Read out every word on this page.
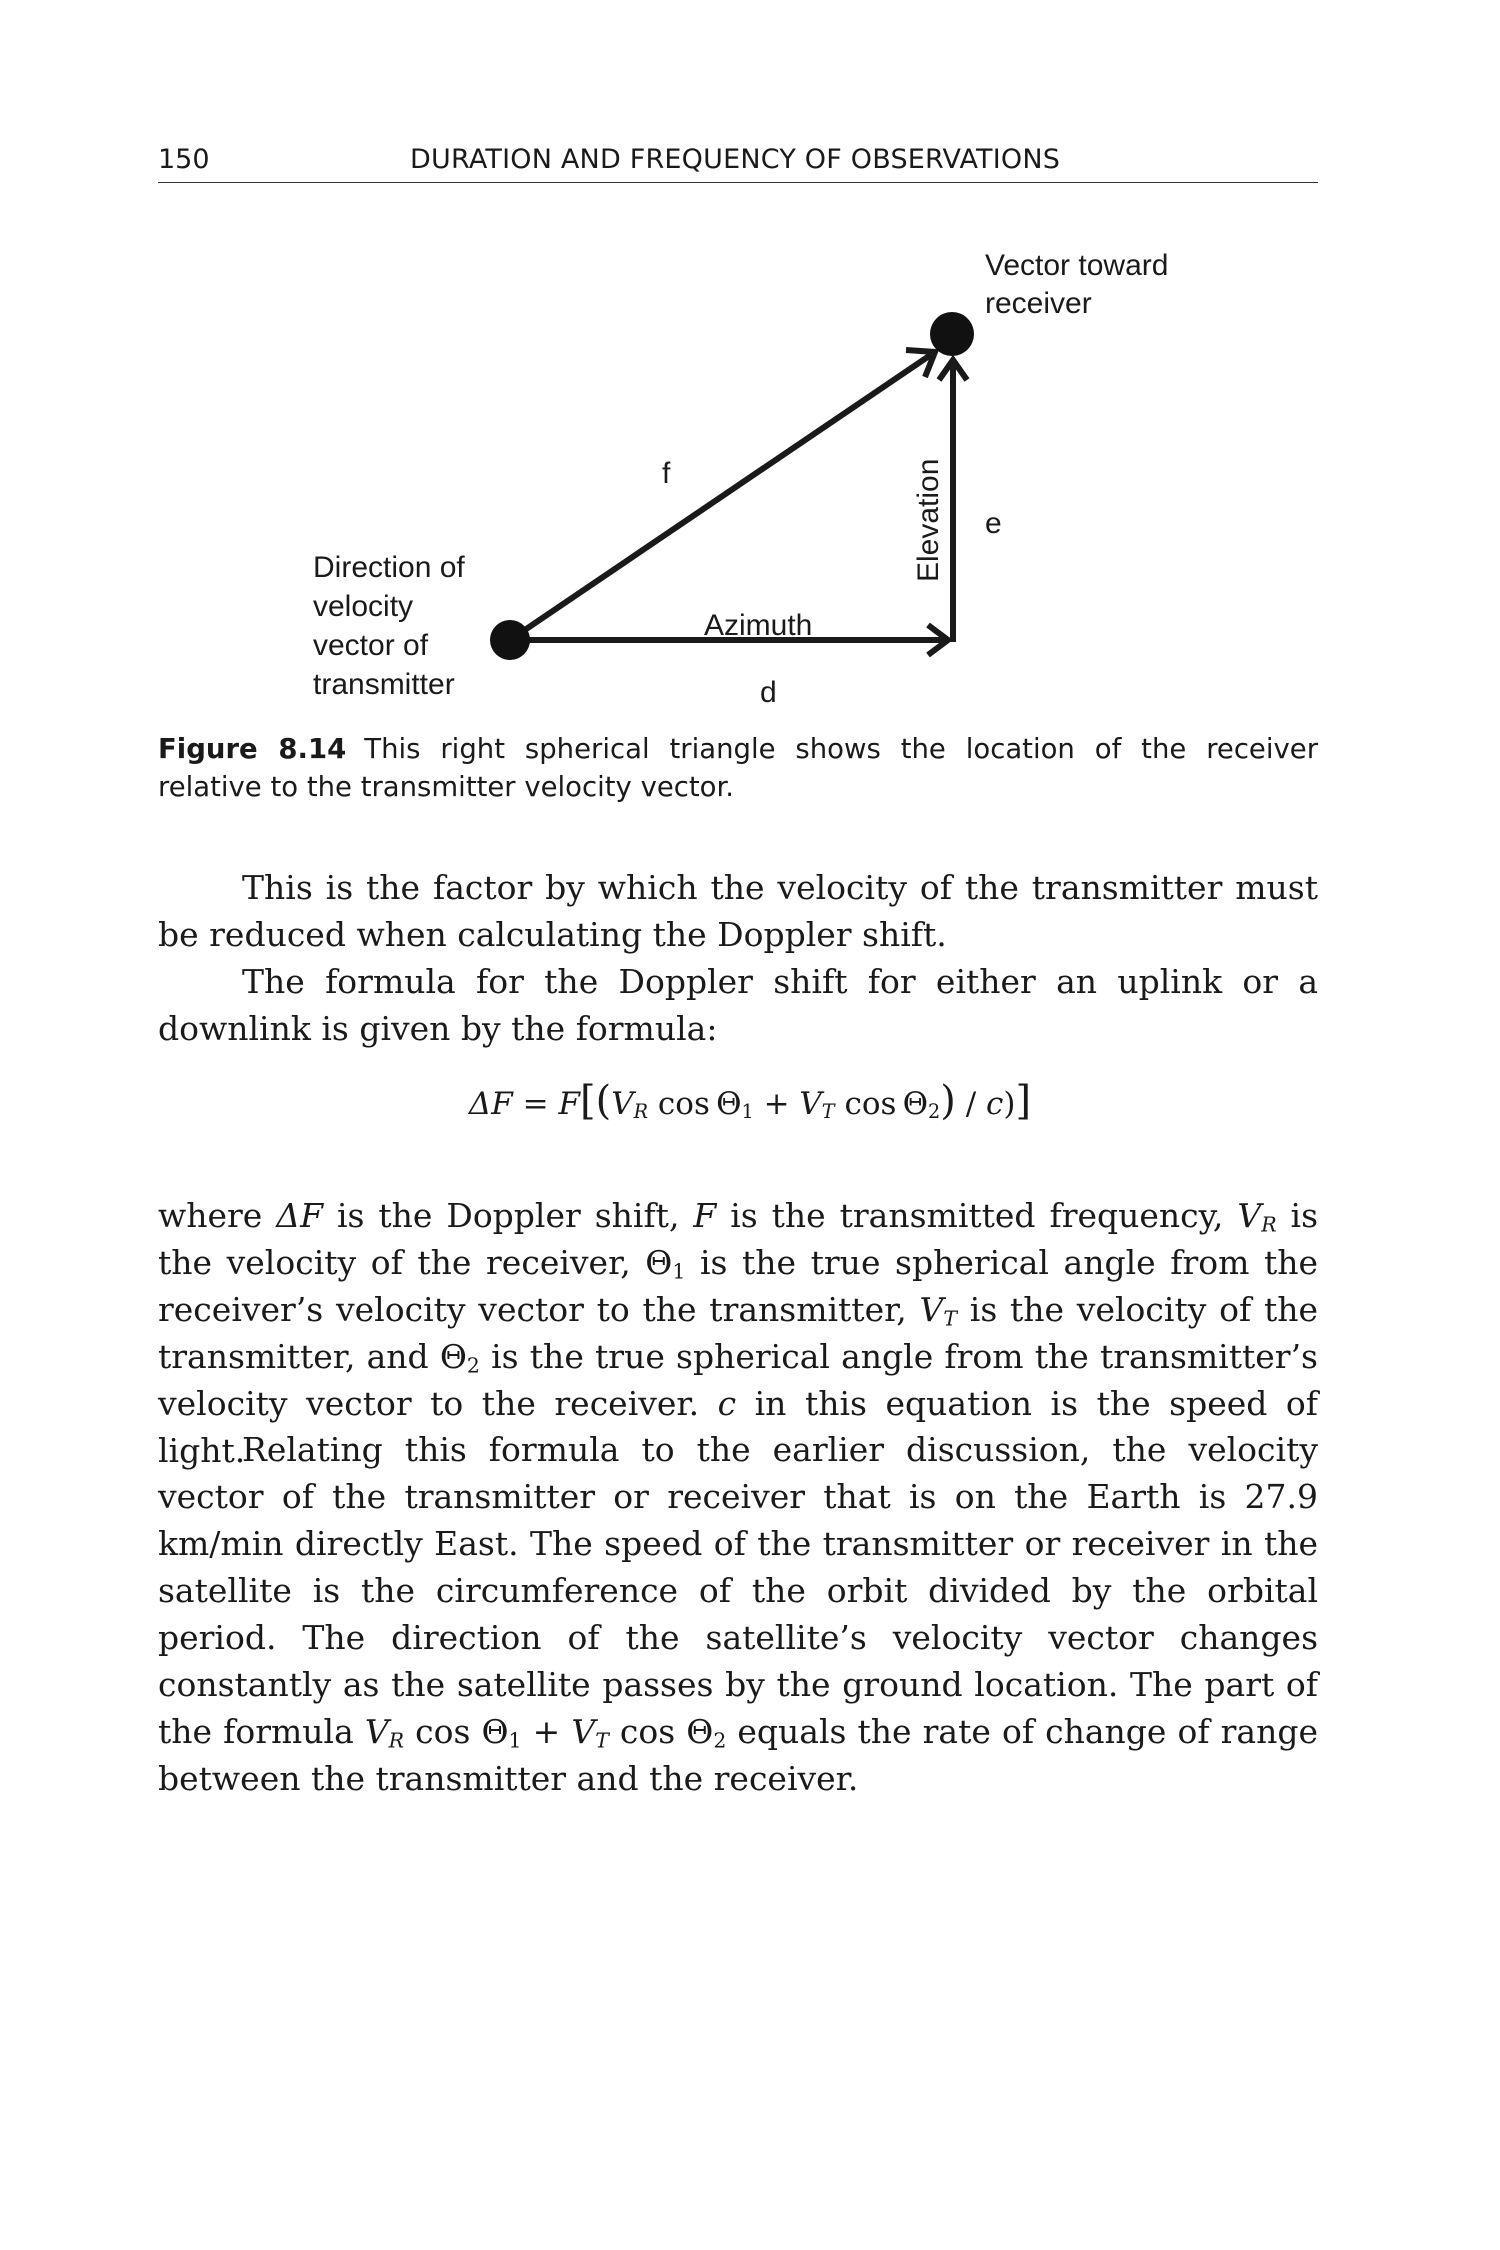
150	DURATION AND FREQUENCY OF OBSERVATIONS
Vector toward
receiver
f	Elevation e
Direction of
velocity
vector of
transmitter
Azimuth
d
Figure 8.14 This right spherical triangle shows the location of the receiver relative to the transmitter velocity vector.

This is the factor by which the velocity of the transmitter must be reduced when calculating the Doppler shift.

The formula for the Doppler shift for either an uplink or a downlink is given by the formula:

$\Delta F = F[(V_R$ $\cos \Theta_1 + V_T$ $\cos \Theta_2) / c$)]

where ΔF is the Doppler shift, F is the transmitted frequency, $V_R$ is the velocity of the receiver, $\Theta_1$ is the true spherical angle from the receiver’s velocity vector to the transmitter, $V_T$ is the velocity of the transmitter, and $\Theta_2$ is the true spherical angle from the transmitter’s velocity vector to the receiver. c in this equation is the speed of light.

Relating this formula to the earlier discussion, the velocity vector of the transmitter or receiver that is on the Earth is 27.9 km/min directly East. The speed of the transmitter or receiver in the satellite is the circumference of the orbit divided by the orbital period. The direction of the satellite’s velocity vector changes constantly as the satellite passes by the ground location. The part of the formula $V_R$ $\cos \Theta_1 + V_T$ $\cos \Theta_2$ equals the rate of change of range between the transmitter and the receiver.
